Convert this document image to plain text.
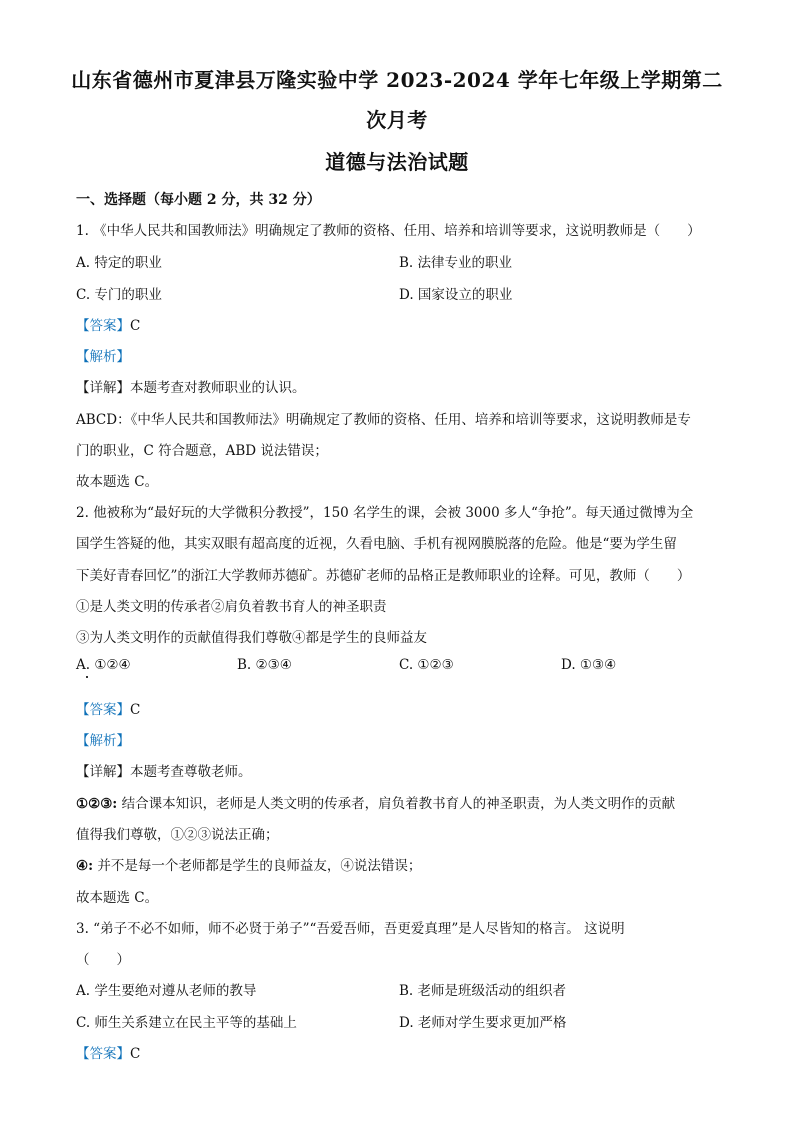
山东省德州市夏津县万隆实验中学 2023-2024 学年七年级上学期第二
次月考
道德与法治试题
一、选择题（每小题 2 分，共 32 分）
1. 《中华人民共和国教师法》明确规定了教师的资格、任用、培养和培训等要求，这说明教师是（　　）
A. 特定的职业	B. 法律专业的职业
C. 专门的职业	D. 国家设立的职业
【答案】C
【解析】
【详解】本题考查对教师职业的认识。
ABCD：《中华人民共和国教师法》明确规定了教师的资格、任用、培养和培训等要求，这说明教师是专
门的职业，C 符合题意，ABD 说法错误；
故本题选 C。
2. 他被称为“最好玩的大学微积分教授”，150 名学生的课，会被 3000 多人“争抢”。每天通过微博为全
国学生答疑的他，其实双眼有超高度的近视，久看电脑、手机有视网膜脱落的危险。他是“要为学生留
下美好青春回忆”的浙江大学教师苏德矿。苏德矿老师的品格正是教师职业的诠释。可见，教师（　　）
①是人类文明的传承者②肩负着教书育人的神圣职责
③为人类文明作的贡献值得我们尊敬④都是学生的良师益友
A. ①②④	B. ②③④	C. ①②③	D. ①③④
【答案】C
【解析】
【详解】本题考查尊敬老师。
①②③: 结合课本知识，老师是人类文明的传承者，肩负着教书育人的神圣职责，为人类文明作的贡献
值得我们尊敬，①②③说法正确；
④: 并不是每一个老师都是学生的良师益友，④说法错误；
故本题选 C。
3. “弟子不必不如师，师不必贤于弟子”“吾爱吾师，吾更爱真理”是人尽皆知的格言。 这说明
（　　）
A. 学生要绝对遵从老师的教导	B. 老师是班级活动的组织者
C. 师生关系建立在民主平等的基础上	D. 老师对学生要求更加严格
【答案】C
